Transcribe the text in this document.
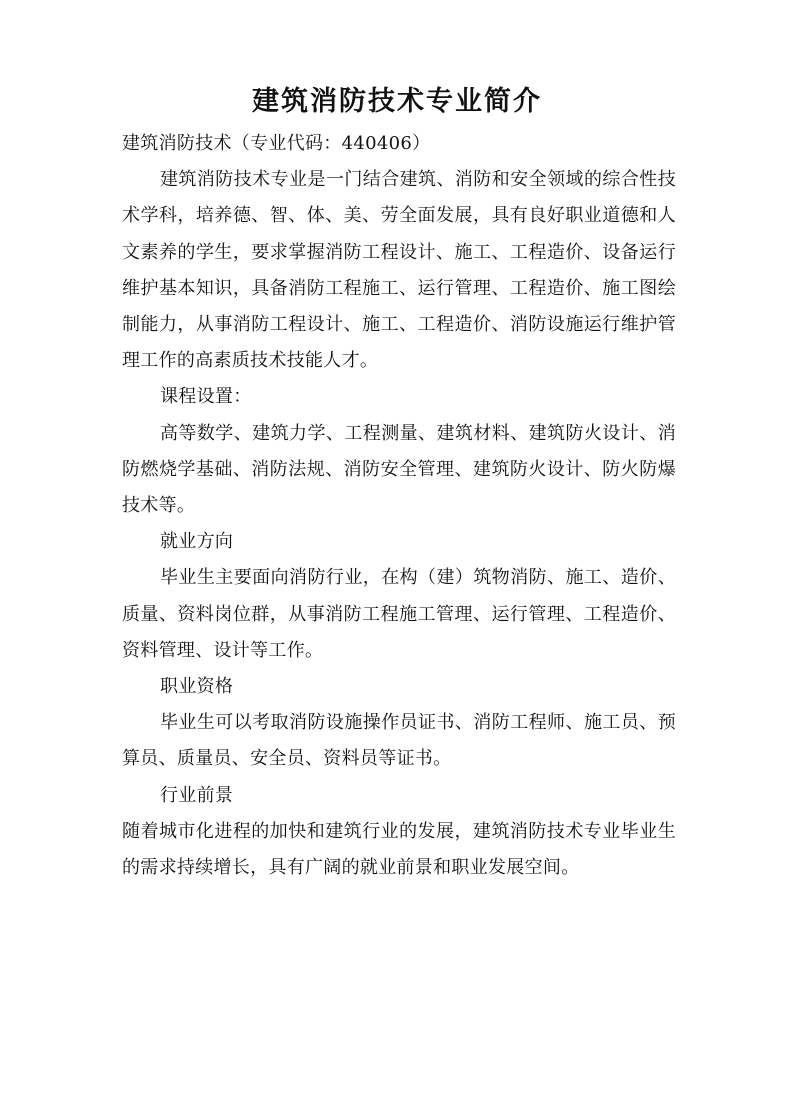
建筑消防技术专业简介

建筑消防技术（专业代码：440406）

建筑消防技术专业是一门结合建筑、消防和安全领域的综合性技术学科，培养德、智、体、美、劳全面发展，具有良好职业道德和人文素养的学生，要求掌握消防工程设计、施工、工程造价、设备运行维护基本知识，具备消防工程施工、运行管理、工程造价、施工图绘制能力，从事消防工程设计、施工、工程造价、消防设施运行维护管理工作的高素质技术技能人才。

课程设置：

高等数学、建筑力学、工程测量、建筑材料、建筑防火设计、消防燃烧学基础、消防法规、消防安全管理、建筑防火设计、防火防爆技术等。

就业方向

毕业生主要面向消防行业，在构（建）筑物消防、施工、造价、质量、资料岗位群，从事消防工程施工管理、运行管理、工程造价、资料管理、设计等工作。

职业资格

毕业生可以考取消防设施操作员证书、消防工程师、施工员、预算员、质量员、安全员、资料员等证书。

行业前景

随着城市化进程的加快和建筑行业的发展，建筑消防技术专业毕业生的需求持续增长，具有广阔的就业前景和职业发展空间。
